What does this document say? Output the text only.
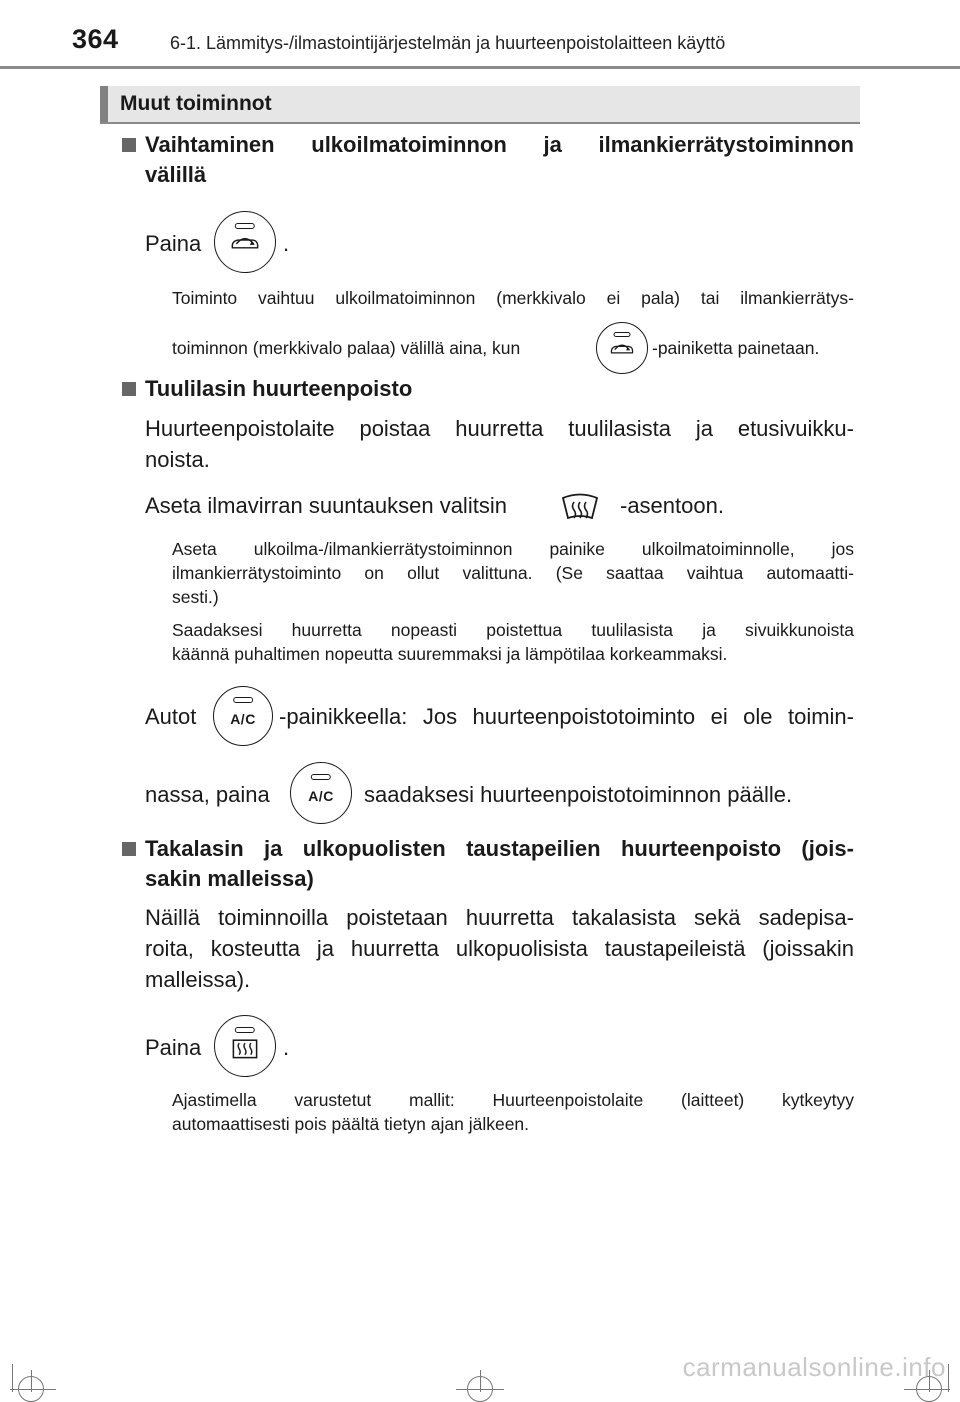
364	6-1. Lämmitys-/ilmastointijärjestelmän ja huurteenpoistolaitteen käyttö
Muut toiminnot
Vaihtaminen ulkoilmatoiminnon ja ilmankierrätystoiminnon
välillä
Paina	.
Toiminto vaihtuu ulkoilmatoiminnon (merkkivalo ei pala) tai ilmankierrätys-
toiminnon (merkkivalo palaa) välillä aina, kun	-painiketta painetaan.
Tuulilasin huurteenpoisto
Huurteenpoistolaite poistaa huurretta tuulilasista ja etusivuikku-
noista.
Aseta ilmavirran suuntauksen valitsin	-asentoon.
Aseta ulkoilma-/ilmankierrätystoiminnon painike ulkoilmatoiminnolle, jos
ilmankierrätystoiminto on ollut valittuna. (Se saattaa vaihtua automaatti-
sesti.)
Saadaksesi huurretta nopeasti poistettua tuulilasista ja sivuikkunoista
käännä puhaltimen nopeutta suuremmaksi ja lämpötilaa korkeammaksi.
Autot	A/C	-painikkeella: Jos huurteenpoistotoiminto ei ole toimin-
nassa, paina	A/C	saadaksesi huurteenpoistotoiminnon päälle.
Takalasin ja ulkopuolisten taustapeilien huurteenpoisto (jois-
sakin malleissa)
Näillä toiminnoilla poistetaan huurretta takalasista sekä sadepisa-
roita, kosteutta ja huurretta ulkopuolisista taustapeileistä (joissakin
malleissa).
Paina	.
Ajastimella varustetut mallit: Huurteenpoistolaite (laitteet) kytkeytyy
automaattisesti pois päältä tietyn ajan jälkeen.
carmanualsonline.info
